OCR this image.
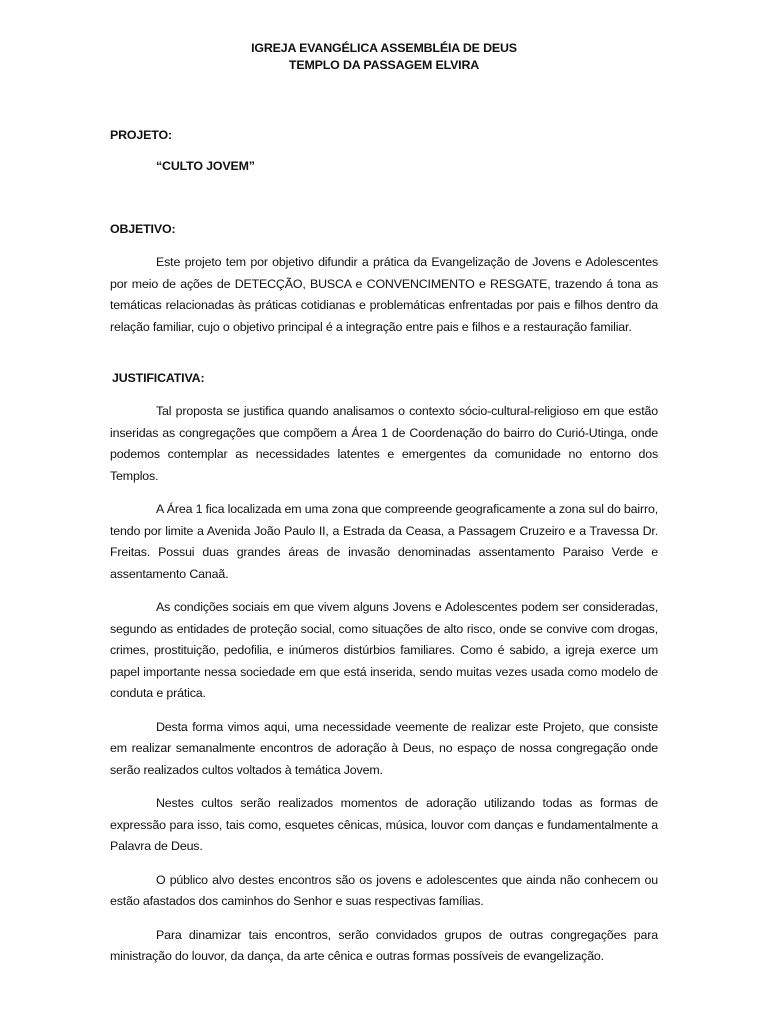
IGREJA EVANGÉLICA ASSEMBLÉIA DE DEUS
TEMPLO DA PASSAGEM ELVIRA
PROJETO:
“CULTO JOVEM”
OBJETIVO:

Este projeto tem por objetivo difundir a prática da Evangelização de Jovens e Adolescentes por meio de ações de DETECÇÃO, BUSCA e CONVENCIMENTO e RESGATE, trazendo á tona as temáticas relacionadas às práticas cotidianas e problemáticas enfrentadas por pais e filhos dentro da relação familiar, cujo o objetivo principal é a integração entre pais e filhos e a restauração familiar.

JUSTIFICATIVA:

Tal proposta se justifica quando analisamos o contexto sócio-cultural-religioso em que estão inseridas as congregações que compõem a Área 1 de Coordenação do bairro do Curió-Utinga, onde podemos contemplar as necessidades latentes e emergentes da comunidade no entorno dos Templos.

A Área 1 fica localizada em uma zona que compreende geograficamente a zona sul do bairro, tendo por limite a Avenida João Paulo II, a Estrada da Ceasa, a Passagem Cruzeiro e a Travessa Dr. Freitas. Possui duas grandes áreas de invasão denominadas assentamento Paraiso Verde e assentamento Canaã.

As condições sociais em que vivem alguns Jovens e Adolescentes podem ser consideradas, segundo as entidades de proteção social, como situações de alto risco, onde se convive com drogas, crimes, prostituição, pedofilia, e inúmeros distúrbios familiares. Como é sabido, a igreja exerce um papel importante nessa sociedade em que está inserida, sendo muitas vezes usada como modelo de conduta e prática.

Desta forma vimos aqui, uma necessidade veemente de realizar este Projeto, que consiste em realizar semanalmente encontros de adoração à Deus, no espaço de nossa congregação onde serão realizados cultos voltados à temática Jovem.

Nestes cultos serão realizados momentos de adoração utilizando todas as formas de expressão para isso, tais como, esquetes cênicas, música, louvor com danças e fundamentalmente a Palavra de Deus.

O público alvo destes encontros são os jovens e adolescentes que ainda não conhecem ou estão afastados dos caminhos do Senhor e suas respectivas famílias.

Para dinamizar tais encontros, serão convidados grupos de outras congregações para ministração do louvor, da dança, da arte cênica e outras formas possíveis de evangelização.
